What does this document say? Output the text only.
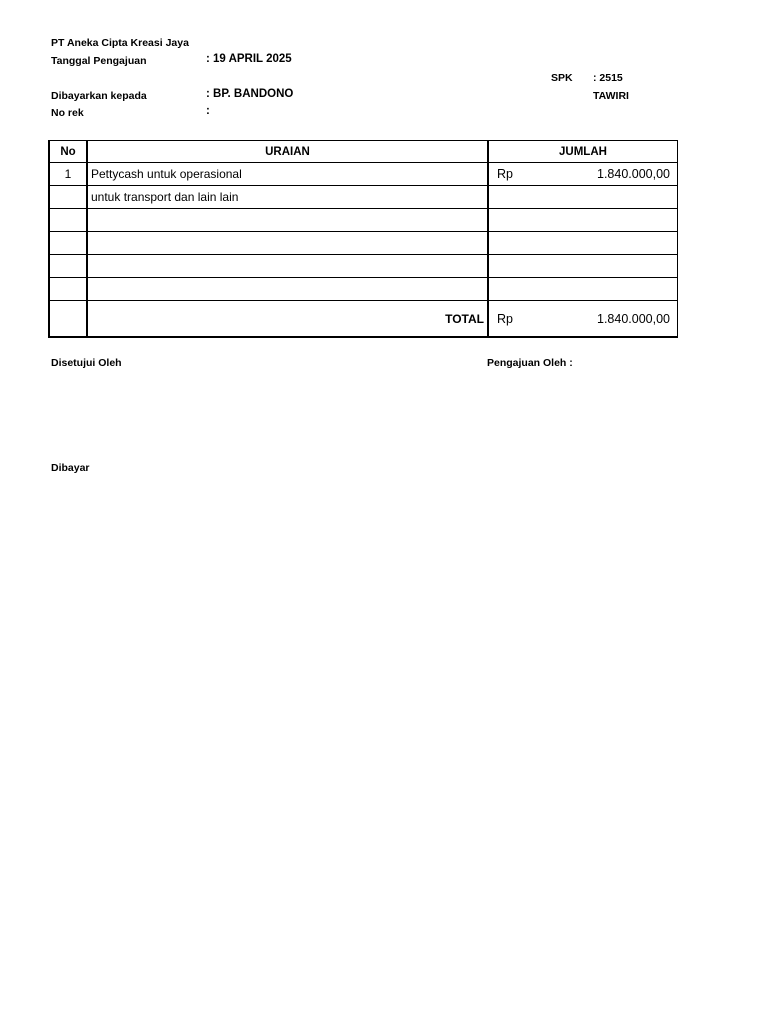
PT Aneka Cipta Kreasi Jaya
Tanggal Pengajuan	: 19 APRIL 2025
SPK : 2515
Dibayarkan kepada	: BP. BANDONO	TAWIRI
No rek	:
No	URAIAN	JUMLAH
1	Pettycash untuk operasional	Rp 1.840.000,00

	untuk transport dan lain lain	

	TOTAL	Rp 1.840.000,00
Disetujui Oleh	Pengajuan Oleh :
Dibayar
